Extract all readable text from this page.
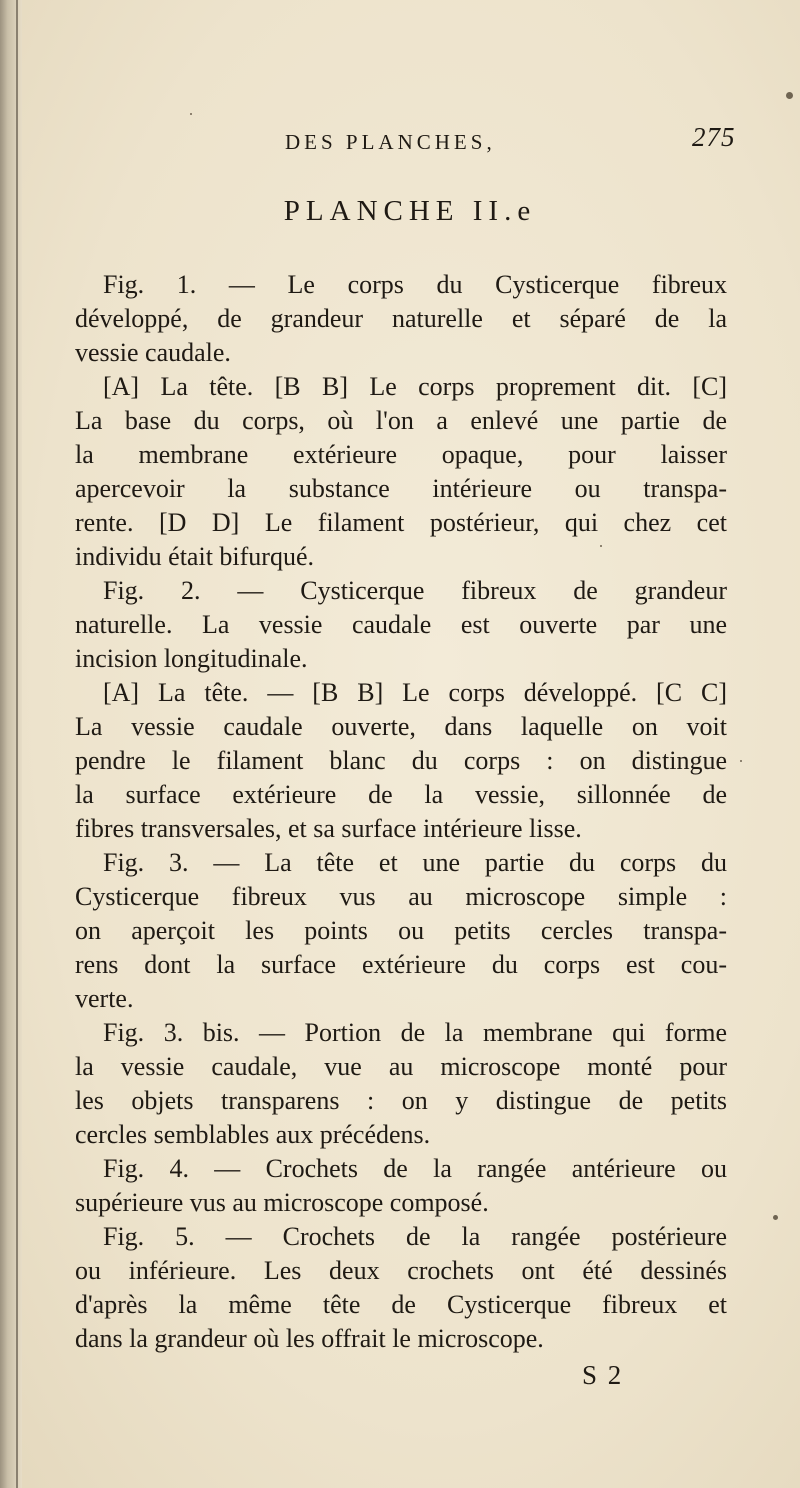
DES PLANCHES,	275
PLANCHE II.e
Fig. 1. — Le corps du Cysticerque fibreux
développé, de grandeur naturelle et séparé de la
vessie caudale.
[A] La tête. [B B] Le corps proprement dit. [C]
La base du corps, où l'on a enlevé une partie de
la membrane extérieure opaque, pour laisser
apercevoir la substance intérieure ou transpa-
rente. [D D] Le filament postérieur, qui chez cet
individu était bifurqué.
Fig. 2. — Cysticerque fibreux de grandeur
naturelle. La vessie caudale est ouverte par une
incision longitudinale.
[A] La tête. — [B B] Le corps développé. [C C]
La vessie caudale ouverte, dans laquelle on voit
pendre le filament blanc du corps : on distingue
la surface extérieure de la vessie, sillonnée de
fibres transversales, et sa surface intérieure lisse.
Fig. 3. — La tête et une partie du corps du
Cysticerque fibreux vus au microscope simple :
on aperçoit les points ou petits cercles transpa-
rens dont la surface extérieure du corps est cou-
verte.
Fig. 3. bis. — Portion de la membrane qui forme
la vessie caudale, vue au microscope monté pour
les objets transparens : on y distingue de petits
cercles semblables aux précédens.
Fig. 4. — Crochets de la rangée antérieure ou
supérieure vus au microscope composé.
Fig. 5. — Crochets de la rangée postérieure
ou inférieure. Les deux crochets ont été dessinés
d'après la même tête de Cysticerque fibreux et
dans la grandeur où les offrait le microscope.
S 2
